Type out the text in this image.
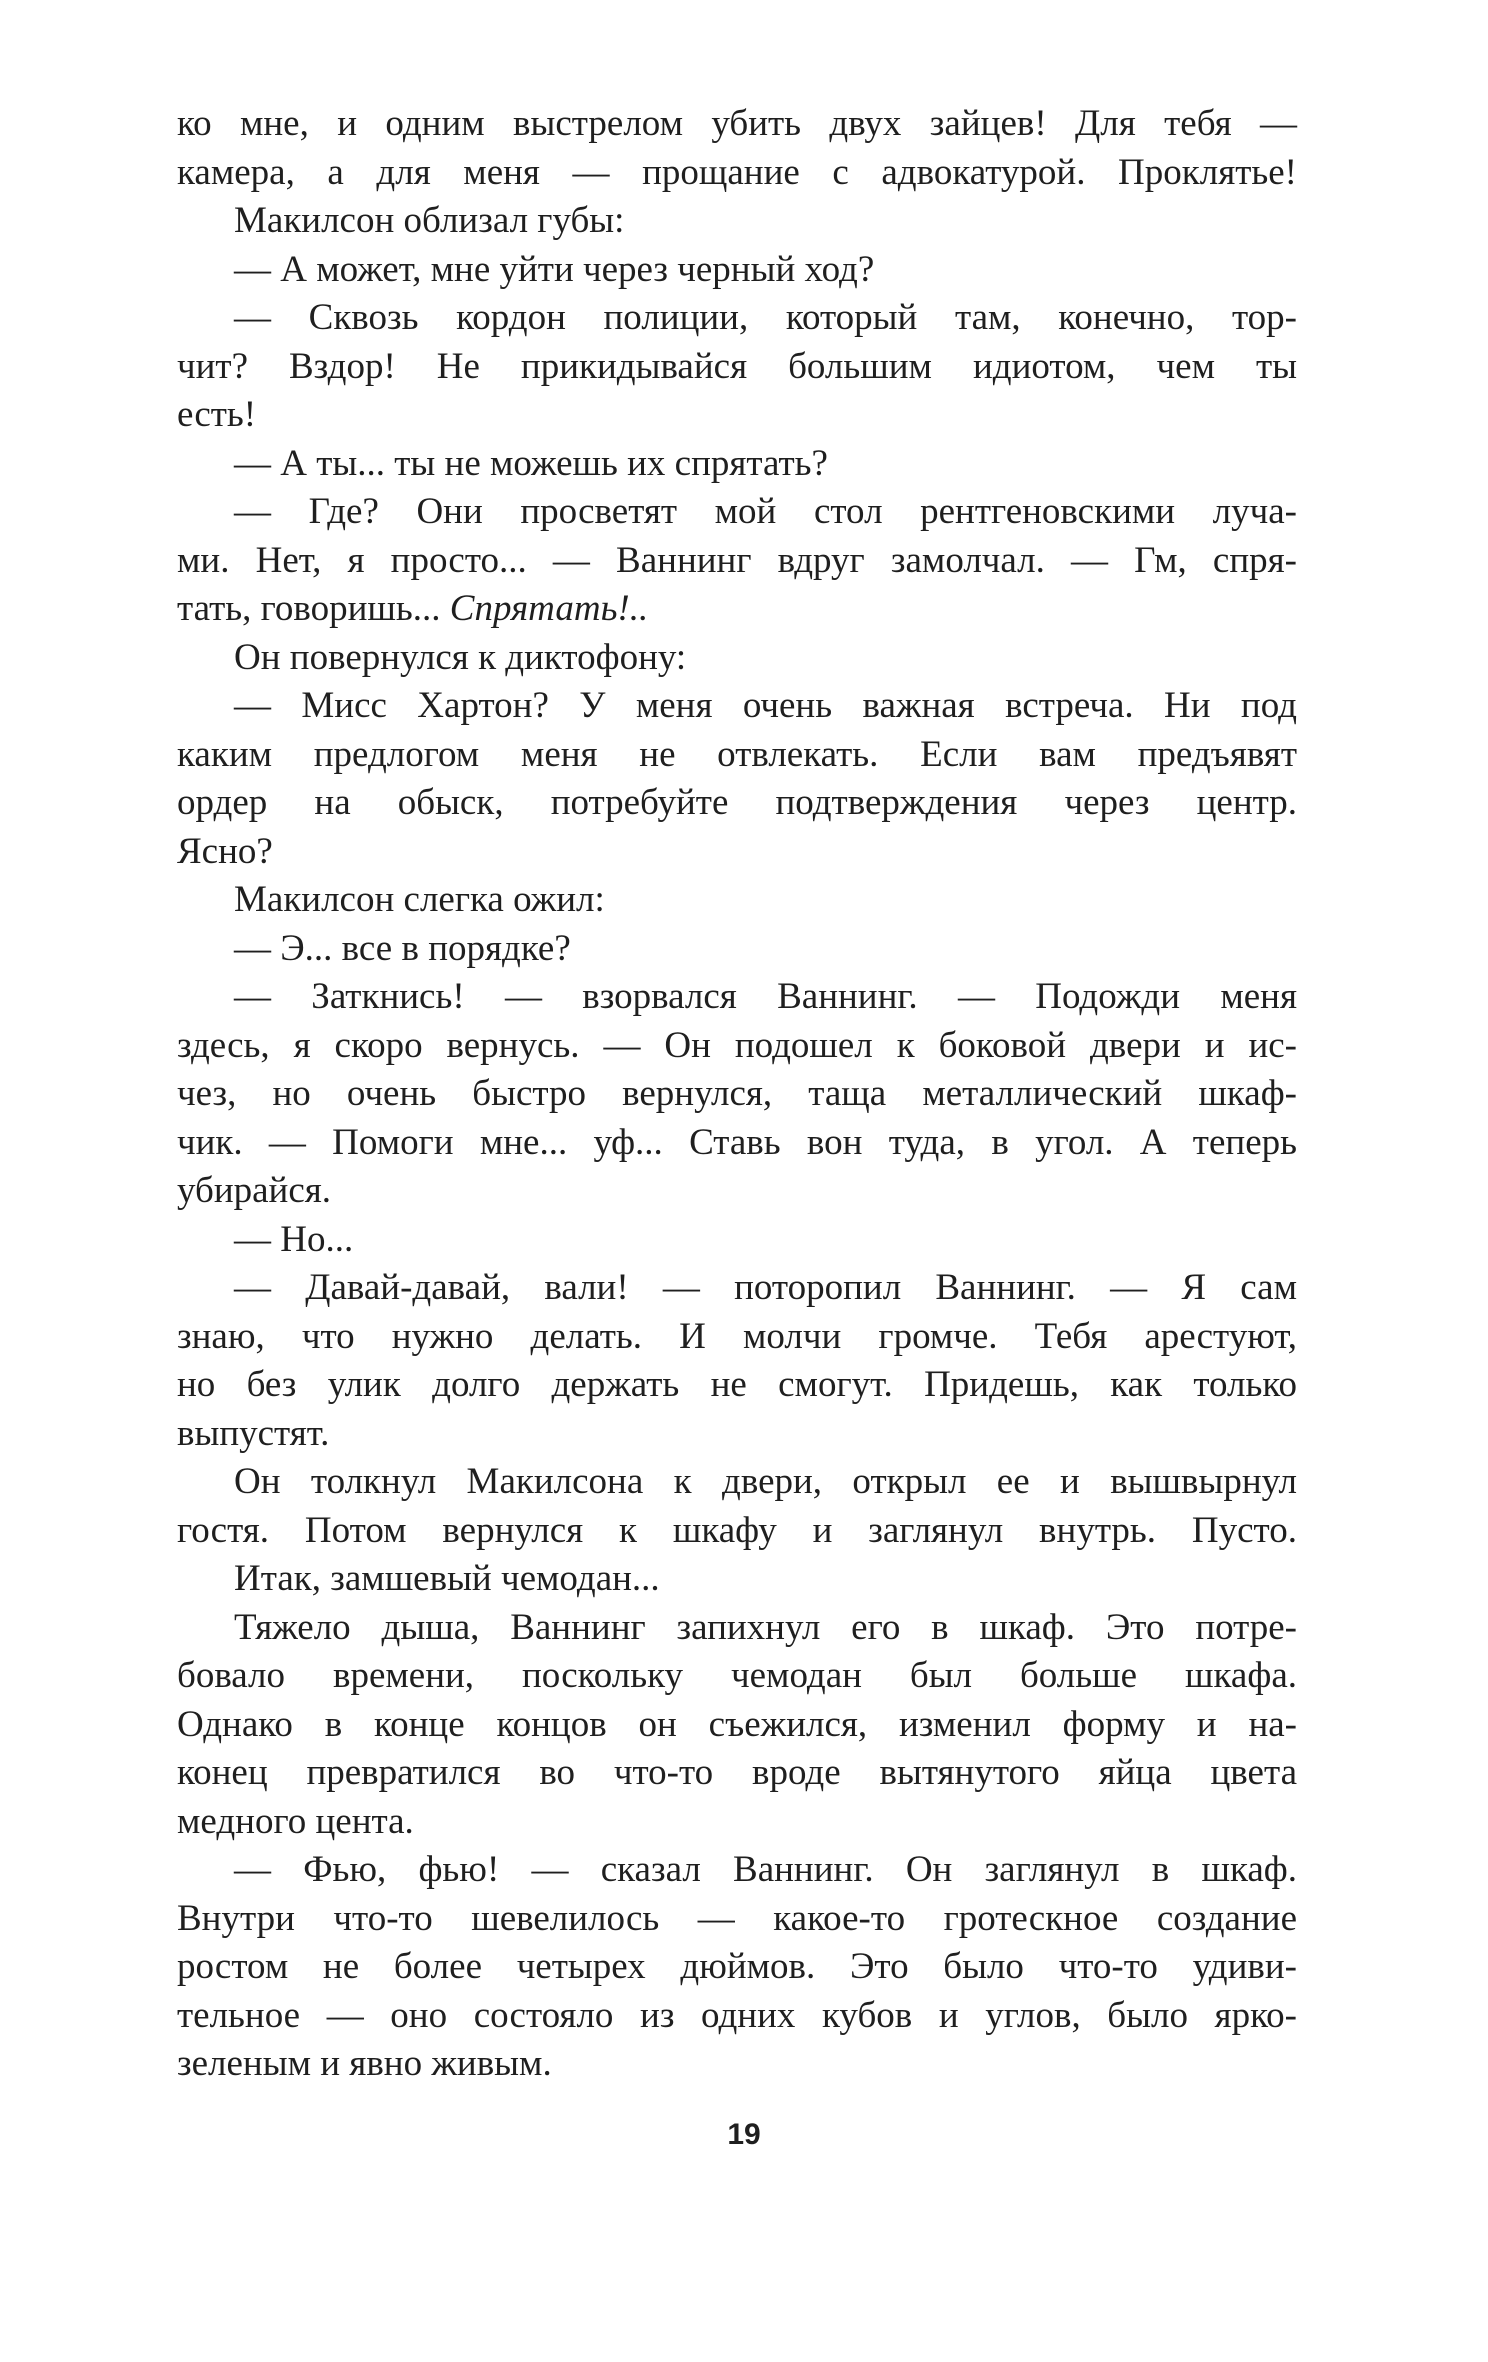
ко мне, и одним выстрелом убить двух зайцев! Для тебя —
камера, а для меня — прощание с адвокатурой. Проклятье!
Макилсон облизал губы:
— А может, мне уйти через черный ход?
— Сквозь кордон полиции, который там, конечно, тор-
чит? Вздор! Не прикидывайся большим идиотом, чем ты
есть!
— А ты... ты не можешь их спрятать?
— Где? Они просветят мой стол рентгеновскими луча-
ми. Нет, я просто... — Ваннинг вдруг замолчал. — Гм, спря-
тать, говоришь... Спрятать!..
Он повернулся к диктофону:
— Мисс Хартон? У меня очень важная встреча. Ни под
каким предлогом меня не отвлекать. Если вам предъявят
ордер на обыск, потребуйте подтверждения через центр.
Ясно?
Макилсон слегка ожил:
— Э... все в порядке?
— Заткнись! — взорвался Ваннинг. — Подожди меня
здесь, я скоро вернусь. — Он подошел к боковой двери и ис-
чез, но очень быстро вернулся, таща металлический шкаф-
чик. — Помоги мне... уф... Ставь вон туда, в угол. А теперь
убирайся.
— Но...
— Давай-давай, вали! — поторопил Ваннинг. — Я сам
знаю, что нужно делать. И молчи громче. Тебя арестуют,
но без улик долго держать не смогут. Придешь, как только
выпустят.
Он толкнул Макилсона к двери, открыл ее и вышвырнул
гостя. Потом вернулся к шкафу и заглянул внутрь. Пусто.
Итак, замшевый чемодан...
Тяжело дыша, Ваннинг запихнул его в шкаф. Это потре-
бовало времени, поскольку чемодан был больше шкафа.
Однако в конце концов он съежился, изменил форму и на-
конец превратился во что-то вроде вытянутого яйца цвета
медного цента.
— Фью, фью! — сказал Ваннинг. Он заглянул в шкаф.
Внутри что-то шевелилось — какое-то гротескное создание
ростом не более четырех дюймов. Это было что-то удиви-
тельное — оно состояло из одних кубов и углов, было ярко-
зеленым и явно живым.
19
